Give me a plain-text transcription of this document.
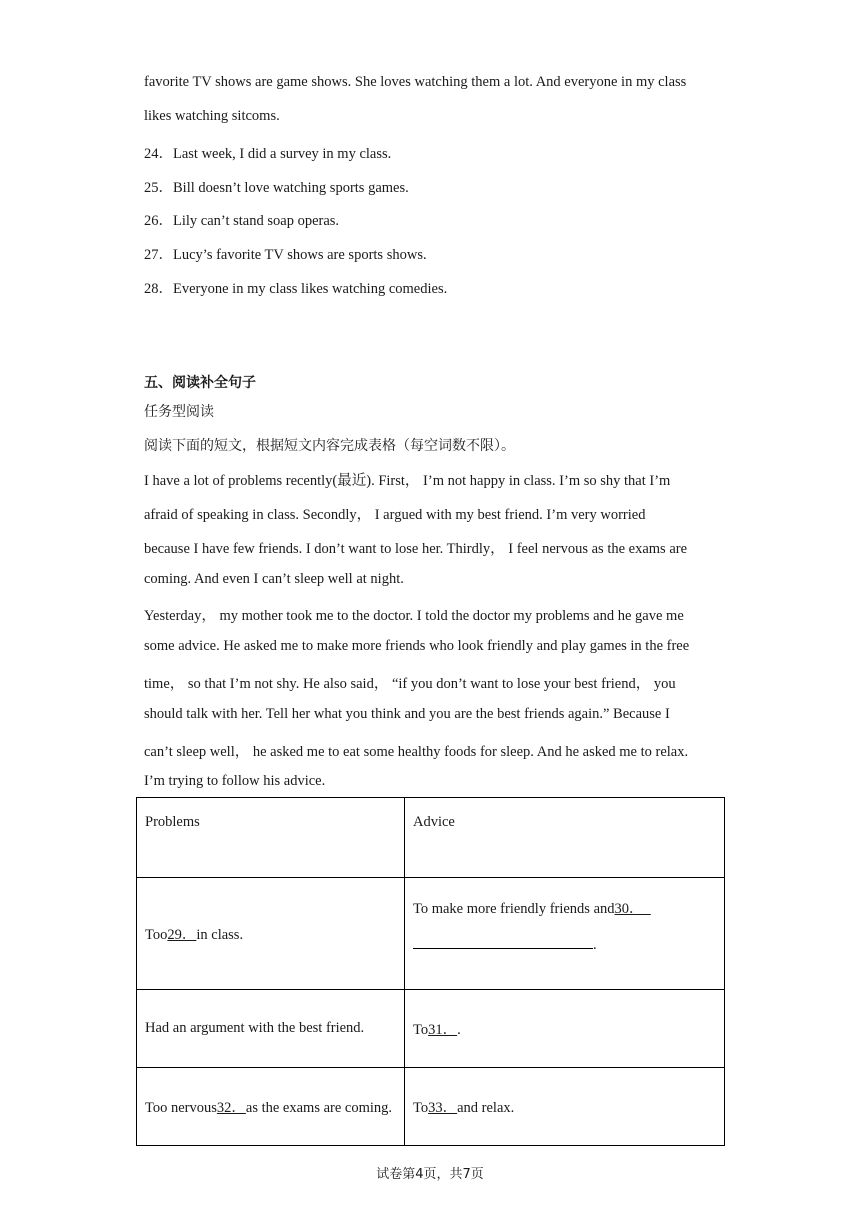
favorite TV shows are game shows. She loves watching them a lot. And everyone in my class
likes watching sitcoms.
24．Last week, I did a survey in my class.
25．Bill doesn’t love watching sports games.
26．Lily can’t stand soap operas.
27．Lucy’s favorite TV shows are sports shows.
28．Everyone in my class likes watching comedies.
五、阅读补全句子
任务型阅读
阅读下面的短文，根据短文内容完成表格（每空词数不限）。
I have a lot of problems recently(最近). First， I’m not happy in class. I’m so shy that I’m
afraid of speaking in class. Secondly， I argued with my best friend. I’m very worried
because I have few friends. I don’t want to lose her. Thirdly， I feel nervous as the exams are
coming. And even I can’t sleep well at night.
Yesterday， my mother took me to the doctor. I told the doctor my problems and he gave me
some advice. He asked me to make more friends who look friendly and play games in the free
time， so that I’m not shy. He also said， “if you don’t want to lose your best friend， you
should talk with her. Tell her what you think and you are the best friends again.” Because I
can’t sleep well， he asked me to eat some healthy foods for sleep. And he asked me to relax.
I’m trying to follow his advice.
Problems	Advice
Too29．in class.	To make more friendly friends and30．
.
Had an argument with the best friend.	To31．.
Too nervous32．as the exams are coming.	To33．and relax.
试卷第4页，共7页
